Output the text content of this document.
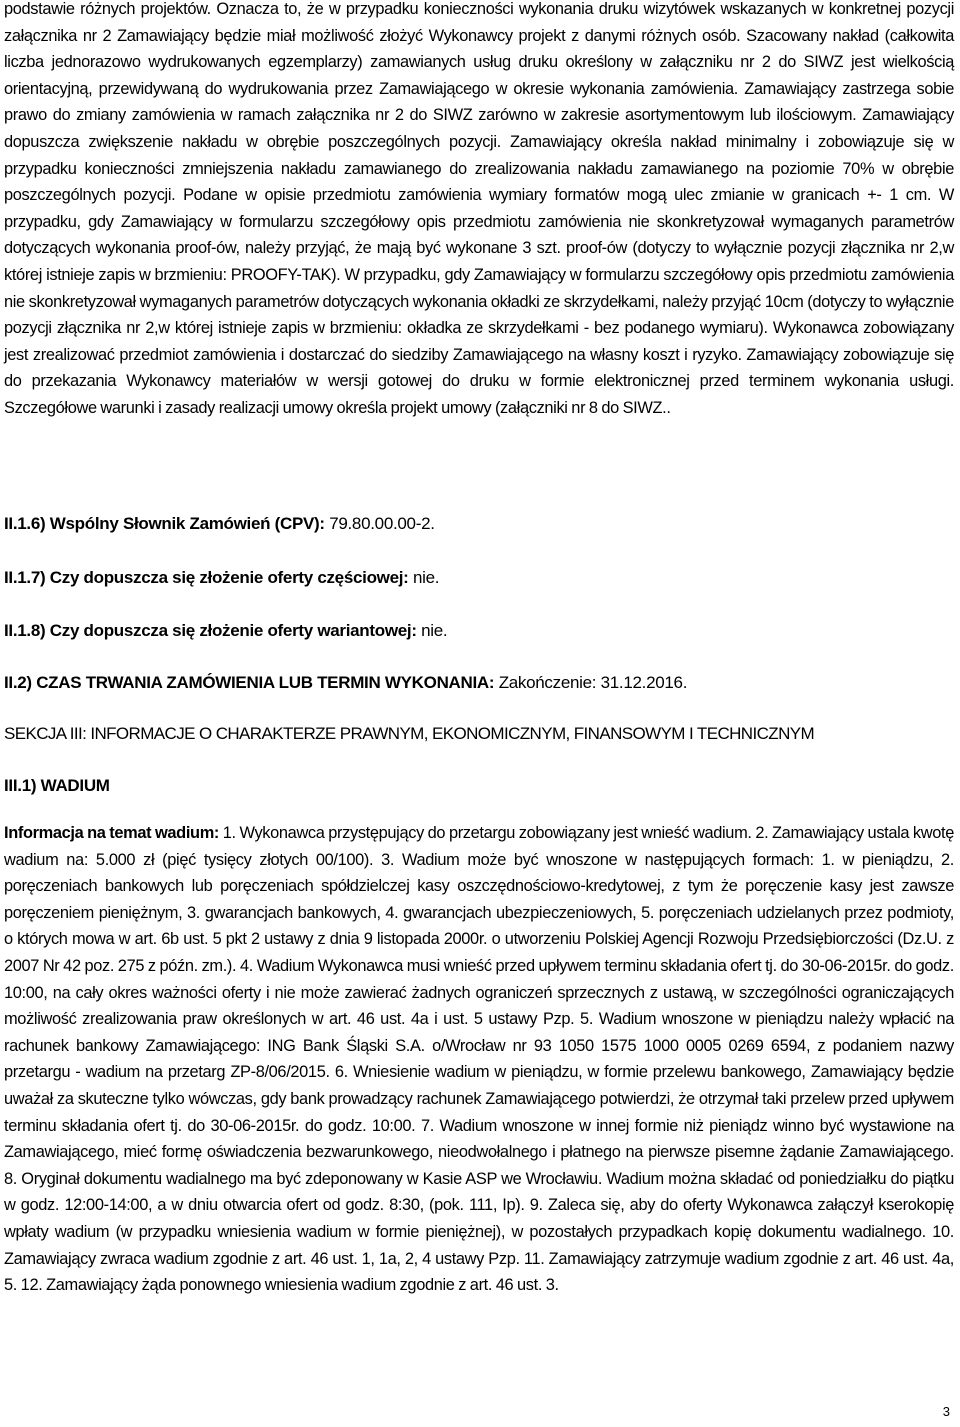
podstawie różnych projektów. Oznacza to, że w przypadku konieczności wykonania druku wizytówek wskazanych w konkretnej pozycji załącznika nr 2 Zamawiający będzie miał możliwość złożyć Wykonawcy projekt z danymi różnych osób. Szacowany nakład (całkowita liczba jednorazowo wydrukowanych egzemplarzy) zamawianych usług druku określony w załączniku nr 2 do SIWZ jest wielkością orientacyjną, przewidywaną do wydrukowania przez Zamawiającego w okresie wykonania zamówienia. Zamawiający zastrzega sobie prawo do zmiany zamówienia w ramach załącznika nr 2 do SIWZ zarówno w zakresie asortymentowym lub ilościowym. Zamawiający dopuszcza zwiększenie nakładu w obrębie poszczególnych pozycji. Zamawiający określa nakład minimalny i zobowiązuje się w przypadku konieczności zmniejszenia nakładu zamawianego do zrealizowania nakładu zamawianego na poziomie 70% w obrębie poszczególnych pozycji. Podane w opisie przedmiotu zamówienia wymiary formatów mogą ulec zmianie w granicach +- 1 cm. W przypadku, gdy Zamawiający w formularzu szczegółowy opis przedmiotu zamówienia nie skonkretyzował wymaganych parametrów dotyczących wykonania proof-ów, należy przyjąć, że mają być wykonane 3 szt. proof-ów (dotyczy to wyłącznie pozycji złącznika nr 2,w której istnieje zapis w brzmieniu: PROOFY-TAK). W przypadku, gdy Zamawiający w formularzu szczegółowy opis przedmiotu zamówienia nie skonkretyzował wymaganych parametrów dotyczących wykonania okładki ze skrzydełkami, należy przyjąć 10cm (dotyczy to wyłącznie pozycji złącznika nr 2,w której istnieje zapis w brzmieniu: okładka ze skrzydełkami - bez podanego wymiaru). Wykonawca zobowiązany jest zrealizować przedmiot zamówienia i dostarczać do siedziby Zamawiającego na własny koszt i ryzyko. Zamawiający zobowiązuje się do przekazania Wykonawcy materiałów w wersji gotowej do druku w formie elektronicznej przed terminem wykonania usługi. Szczegółowe warunki i zasady realizacji umowy określa projekt umowy (załączniki nr 8 do SIWZ..

II.1.6) Wspólny Słownik Zamówień (CPV): 79.80.00.00-2.
II.1.7) Czy dopuszcza się złożenie oferty częściowej: nie.
II.1.8) Czy dopuszcza się złożenie oferty wariantowej: nie.
II.2) CZAS TRWANIA ZAMÓWIENIA LUB TERMIN WYKONANIA: Zakończenie: 31.12.2016.
SEKCJA III: INFORMACJE O CHARAKTERZE PRAWNYM, EKONOMICZNYM, FINANSOWYM I TECHNICZNYM
III.1) WADIUM

Informacja na temat wadium: 1. Wykonawca przystępujący do przetargu zobowiązany jest wnieść wadium. 2. Zamawiający ustala kwotę wadium na: 5.000 zł (pięć tysięcy złotych 00/100). 3. Wadium może być wnoszone w następujących formach: 1. w pieniądzu, 2. poręczeniach bankowych lub poręczeniach spółdzielczej kasy oszczędnościowo-kredytowej, z tym że poręczenie kasy jest zawsze poręczeniem pieniężnym, 3. gwarancjach bankowych, 4. gwarancjach ubezpieczeniowych, 5. poręczeniach udzielanych przez podmioty, o których mowa w art. 6b ust. 5 pkt 2 ustawy z dnia 9 listopada 2000r. o utworzeniu Polskiej Agencji Rozwoju Przedsiębiorczości (Dz.U. z 2007 Nr 42 poz. 275 z późn. zm.). 4. Wadium Wykonawca musi wnieść przed upływem terminu składania ofert tj. do 30-06-2015r. do godz. 10:00, na cały okres ważności oferty i nie może zawierać żadnych ograniczeń sprzecznych z ustawą, w szczególności ograniczających możliwość zrealizowania praw określonych w art. 46 ust. 4a i ust. 5 ustawy Pzp. 5. Wadium wnoszone w pieniądzu należy wpłacić na rachunek bankowy Zamawiającego: ING Bank Śląski S.A. o/Wrocław nr 93 1050 1575 1000 0005 0269 6594, z podaniem nazwy przetargu - wadium na przetarg ZP-8/06/2015. 6. Wniesienie wadium w pieniądzu, w formie przelewu bankowego, Zamawiający będzie uważał za skuteczne tylko wówczas, gdy bank prowadzący rachunek Zamawiającego potwierdzi, że otrzymał taki przelew przed upływem terminu składania ofert tj. do 30-06-2015r. do godz. 10:00. 7. Wadium wnoszone w innej formie niż pieniądz winno być wystawione na Zamawiającego, mieć formę oświadczenia bezwarunkowego, nieodwołalnego i płatnego na pierwsze pisemne żądanie Zamawiającego. 8. Oryginał dokumentu wadialnego ma być zdeponowany w Kasie ASP we Wrocławiu. Wadium można składać od poniedziałku do piątku w godz. 12:00-14:00, a w dniu otwarcia ofert od godz. 8:30, (pok. 111, Ip). 9. Zaleca się, aby do oferty Wykonawca załączył kserokopię wpłaty wadium (w przypadku wniesienia wadium w formie pieniężnej), w pozostałych przypadkach kopię dokumentu wadialnego. 10. Zamawiający zwraca wadium zgodnie z art. 46 ust. 1, 1a, 2, 4 ustawy Pzp. 11. Zamawiający zatrzymuje wadium zgodnie z art. 46 ust. 4a, 5. 12. Zamawiający żąda ponownego wniesienia wadium zgodnie z art. 46 ust. 3.

3
